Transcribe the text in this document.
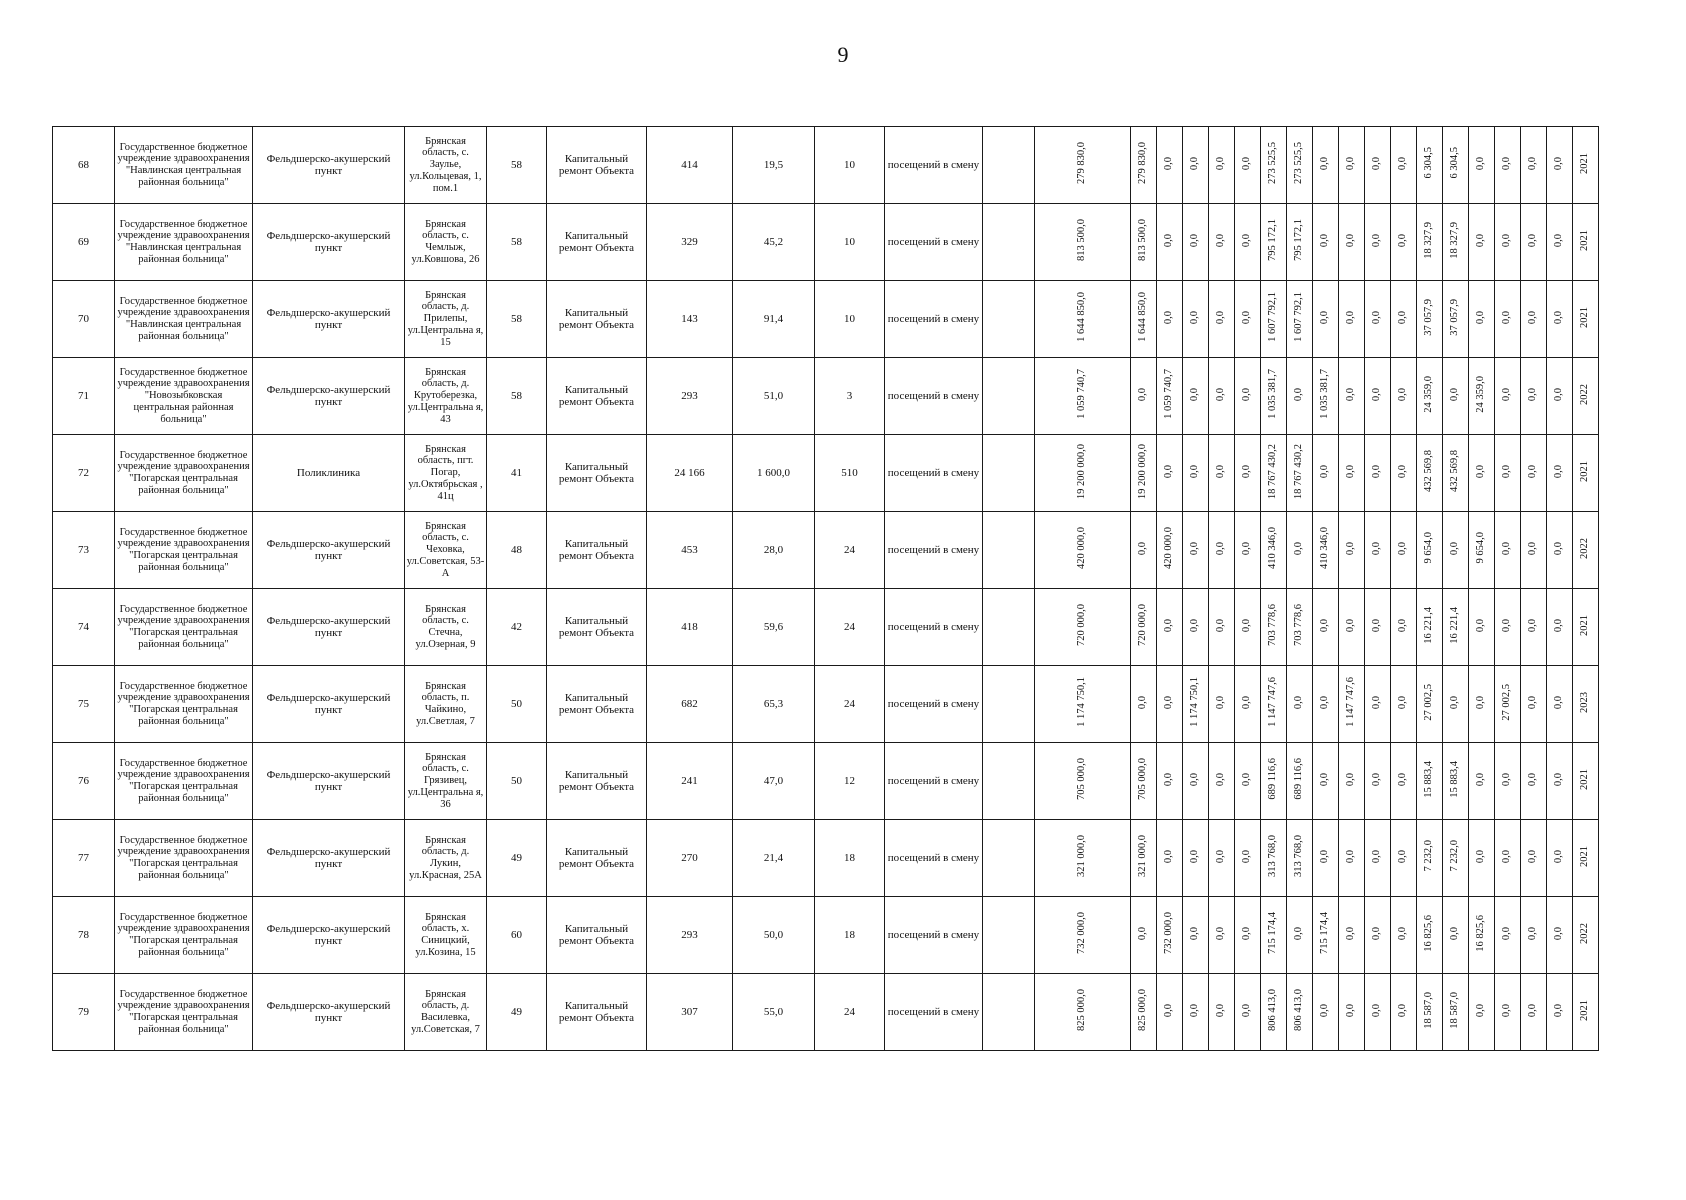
9
68	Государственное бюджетное учреждение здравоохранения "Навлинская центральная районная больница"	Фельдшерско-акушерский пункт	Брянская область, с. Заулье, ул.Кольцевая, 1, пом.1	58	Капитальный ремонт Объекта	414	19,5	10	посещений в смену		279 830,0	279 830,0	0,0	0,0	0,0	0,0	273 525,5	273 525,5	0,0	0,0	0,0	0,0	6 304,5	6 304,5	0,0	0,0	0,0	0,0	2021
69	Государственное бюджетное учреждение здравоохранения "Навлинская центральная районная больница"	Фельдшерско-акушерский пункт	Брянская область, с. Чемлыж, ул.Ковшова, 26	58	Капитальный ремонт Объекта	329	45,2	10	посещений в смену		813 500,0	813 500,0	0,0	0,0	0,0	0,0	795 172,1	795 172,1	0,0	0,0	0,0	0,0	18 327,9	18 327,9	0,0	0,0	0,0	0,0	2021
70	Государственное бюджетное учреждение здравоохранения "Навлинская центральная районная больница"	Фельдшерско-акушерский пункт	Брянская область, д. Прилепы, ул.Центральна я, 15	58	Капитальный ремонт Объекта	143	91,4	10	посещений в смену		1 644 850,0	1 644 850,0	0,0	0,0	0,0	0,0	1 607 792,1	1 607 792,1	0,0	0,0	0,0	0,0	37 057,9	37 057,9	0,0	0,0	0,0	0,0	2021
71	Государственное бюджетное учреждение здравоохранения "Новозыбковская центральная районная больница"	Фельдшерско-акушерский пункт	Брянская область, д. Крутоберезка, ул.Центральна я, 43	58	Капитальный ремонт Объекта	293	51,0	3	посещений в смену		1 059 740,7	0,0	1 059 740,7	0,0	0,0	0,0	1 035 381,7	0,0	1 035 381,7	0,0	0,0	0,0	24 359,0	0,0	24 359,0	0,0	0,0	0,0	2022
72	Государственное бюджетное учреждение здравоохранения "Погарская центральная районная больница"	Поликлиника	Брянская область, пгт. Погар, ул.Октябрьская , 41ц	41	Капитальный ремонт Объекта	24 166	1 600,0	510	посещений в смену		19 200 000,0	19 200 000,0	0,0	0,0	0,0	0,0	18 767 430,2	18 767 430,2	0,0	0,0	0,0	0,0	432 569,8	432 569,8	0,0	0,0	0,0	0,0	2021
73	Государственное бюджетное учреждение здравоохранения "Погарская центральная районная больница"	Фельдшерско-акушерский пункт	Брянская область, с. Чеховка, ул.Советская, 53-А	48	Капитальный ремонт Объекта	453	28,0	24	посещений в смену		420 000,0	0,0	420 000,0	0,0	0,0	0,0	410 346,0	0,0	410 346,0	0,0	0,0	0,0	9 654,0	0,0	9 654,0	0,0	0,0	0,0	2022
74	Государственное бюджетное учреждение здравоохранения "Погарская центральная районная больница"	Фельдшерско-акушерский пункт	Брянская область, с. Стечна, ул.Озерная, 9	42	Капитальный ремонт Объекта	418	59,6	24	посещений в смену		720 000,0	720 000,0	0,0	0,0	0,0	0,0	703 778,6	703 778,6	0,0	0,0	0,0	0,0	16 221,4	16 221,4	0,0	0,0	0,0	0,0	2021
75	Государственное бюджетное учреждение здравоохранения "Погарская центральная районная больница"	Фельдшерско-акушерский пункт	Брянская область, п. Чайкино, ул.Светлая, 7	50	Капитальный ремонт Объекта	682	65,3	24	посещений в смену		1 174 750,1	0,0	0,0	1 174 750,1	0,0	0,0	1 147 747,6	0,0	0,0	1 147 747,6	0,0	0,0	27 002,5	0,0	0,0	27 002,5	0,0	0,0	2023
76	Государственное бюджетное учреждение здравоохранения "Погарская центральная районная больница"	Фельдшерско-акушерский пункт	Брянская область, с. Грязивец, ул.Центральна я, 36	50	Капитальный ремонт Объекта	241	47,0	12	посещений в смену		705 000,0	705 000,0	0,0	0,0	0,0	0,0	689 116,6	689 116,6	0,0	0,0	0,0	0,0	15 883,4	15 883,4	0,0	0,0	0,0	0,0	2021
77	Государственное бюджетное учреждение здравоохранения "Погарская центральная районная больница"	Фельдшерско-акушерский пункт	Брянская область, д. Лукин, ул.Красная, 25А	49	Капитальный ремонт Объекта	270	21,4	18	посещений в смену		321 000,0	321 000,0	0,0	0,0	0,0	0,0	313 768,0	313 768,0	0,0	0,0	0,0	0,0	7 232,0	7 232,0	0,0	0,0	0,0	0,0	2021
78	Государственное бюджетное учреждение здравоохранения "Погарская центральная районная больница"	Фельдшерско-акушерский пункт	Брянская область, х. Синицкий, ул.Козина, 15	60	Капитальный ремонт Объекта	293	50,0	18	посещений в смену		732 000,0	0,0	732 000,0	0,0	0,0	0,0	715 174,4	0,0	715 174,4	0,0	0,0	0,0	16 825,6	0,0	16 825,6	0,0	0,0	0,0	2022
79	Государственное бюджетное учреждение здравоохранения "Погарская центральная районная больница"	Фельдшерско-акушерский пункт	Брянская область, д. Василевка, ул.Советская, 7	49	Капитальный ремонт Объекта	307	55,0	24	посещений в смену		825 000,0	825 000,0	0,0	0,0	0,0	0,0	806 413,0	806 413,0	0,0	0,0	0,0	0,0	18 587,0	18 587,0	0,0	0,0	0,0	0,0	2021
